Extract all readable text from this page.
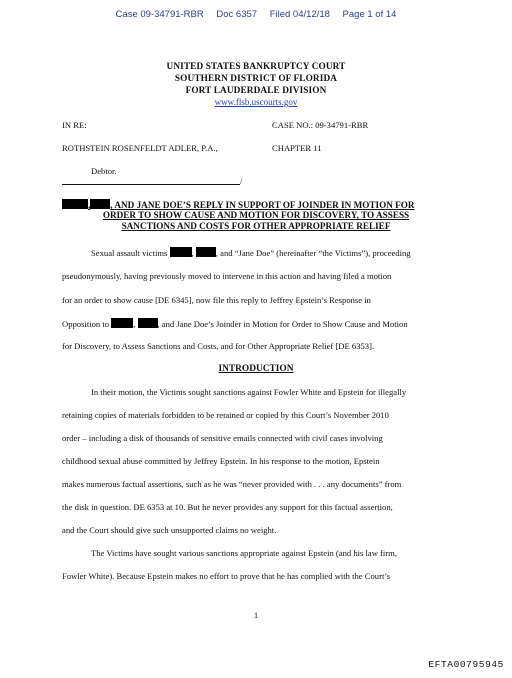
Case 09-34791-RBR Doc 6357 Filed 04/12/18 Page 1 of 14
UNITED STATES BANKRUPTCY COURT
SOUTHERN DISTRICT OF FLORIDA
FORT LAUDERDALE DIVISION
www.flsb.uscourts.gov
IN RE:	CASE NO.: 09-34791-RBR
ROTHSTEIN ROSENFELDT ADLER, P.A.,	CHAPTER 11
Debtor.
/
, , AND JANE DOE’S REPLY IN SUPPORT OF JOINDER IN MOTION FOR
ORDER TO SHOW CAUSE AND MOTION FOR DISCOVERY, TO ASSESS
SANCTIONS AND COSTS FOR OTHER APPROPRIATE RELIEF
Sexual assault victims	,	, and “Jane Doe” (hereinafter “the Victims”), proceeding
pseudonymously, having previously moved to intervene in this action and having filed a motion
for an order to show cause [DE 6345], now file this reply to Jeffrey Epstein’s Response in
Opposition to	,	, and Jane Doe’s Joinder in Motion for Order to Show Cause and Motion
for Discovery, to Assess Sanctions and Costs, and for Other Appropriate Relief [DE 6353].
INTRODUCTION
In their motion, the Victims sought sanctions against Fowler White and Epstein for illegally
retaining copies of materials forbidden to be retained or copied by this Court’s November 2010
order – including a disk of thousands of sensitive emails connected with civil cases involving
childhood sexual abuse committed by Jeffrey Epstein. In his response to the motion, Epstein
makes numerous factual assertions, such as he was “never provided with . . . any documents” from
the disk in question. DE 6353 at 10. But he never provides any support for this factual assertion,
and the Court should give such unsupported claims no weight.
The Victims have sought various sanctions appropriate against Epstein (and his law firm,
Fowler White). Because Epstein makes no effort to prove that he has complied with the Court’s
1
EFTA00795945
